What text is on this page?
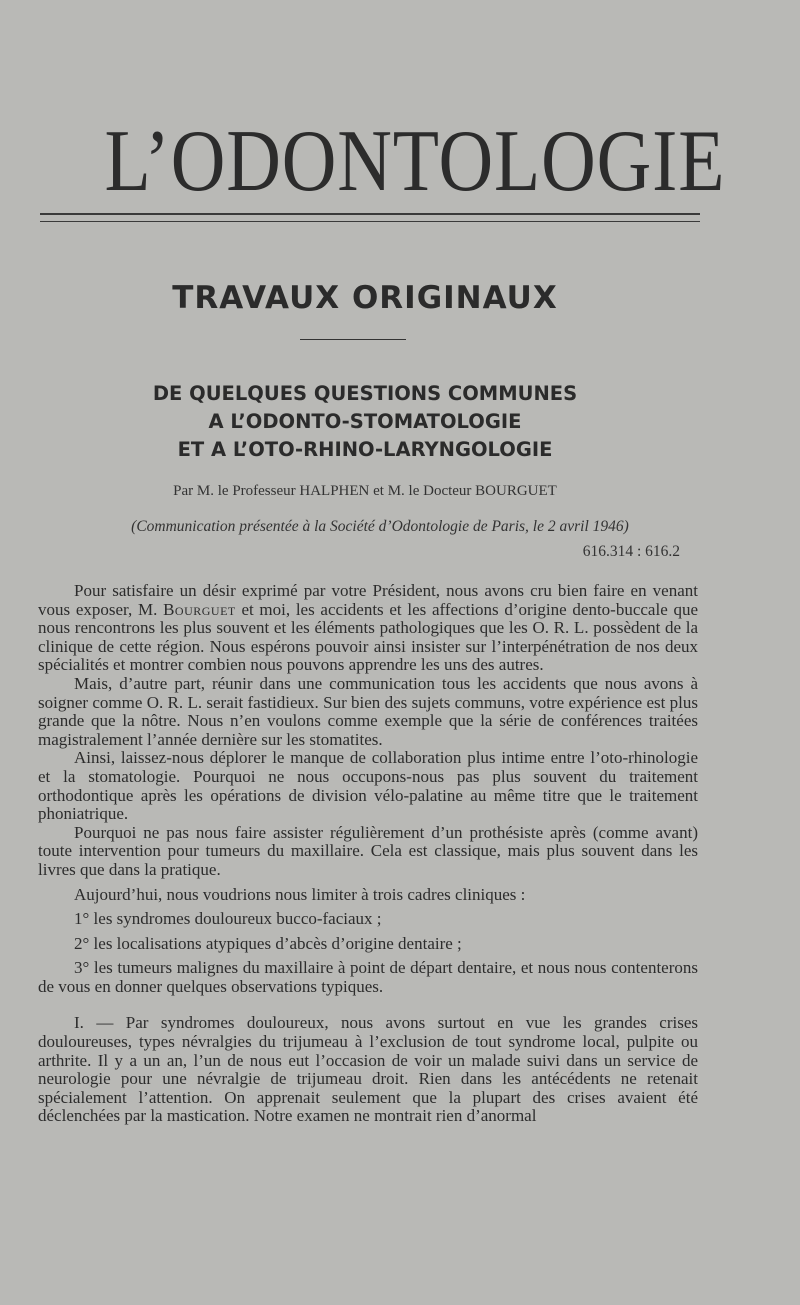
L’ODONTOLOGIE
TRAVAUX ORIGINAUX
DE QUELQUES QUESTIONS COMMUNES
A L’ODONTO-STOMATOLOGIE
ET A L’OTO-RHINO-LARYNGOLOGIE
Par M. le Professeur HALPHEN et M. le Docteur BOURGUET
(Communication présentée à la Société d’Odontologie de Paris, le 2 avril 1946)
616.314 : 616.2

Pour satisfaire un désir exprimé par votre Président, nous avons cru bien faire en venant vous exposer, M. Bourguet et moi, les accidents et les affections d’origine dento-buccale que nous rencontrons les plus souvent et les éléments pathologiques que les O. R. L. possèdent de la clinique de cette région. Nous espérons pouvoir ainsi insister sur l’interpénétration de nos deux spécialités et montrer combien nous pouvons apprendre les uns des autres.

Mais, d’autre part, réunir dans une communication tous les accidents que nous avons à soigner comme O. R. L. serait fastidieux. Sur bien des sujets communs, votre expérience est plus grande que la nôtre. Nous n’en voulons comme exemple que la série de conférences traitées magistralement l’année dernière sur les stomatites.

Ainsi, laissez-nous déplorer le manque de collaboration plus intime entre l’oto-rhinologie et la stomatologie. Pourquoi ne nous occupons-nous pas plus souvent du traitement orthodontique après les opérations de division vélo-palatine au même titre que le traitement phoniatrique.

Pourquoi ne pas nous faire assister régulièrement d’un prothésiste après (comme avant) toute intervention pour tumeurs du maxillaire. Cela est classique, mais plus souvent dans les livres que dans la pratique.

Aujourd’hui, nous voudrions nous limiter à trois cadres cliniques :

1° les syndromes douloureux bucco-faciaux ;

2° les localisations atypiques d’abcès d’origine dentaire ;

3° les tumeurs malignes du maxillaire à point de départ dentaire, et nous nous contenterons de vous en donner quelques observations typiques.

I. — Par syndromes douloureux, nous avons surtout en vue les grandes crises douloureuses, types névralgies du trijumeau à l’exclusion de tout syndrome local, pulpite ou arthrite. Il y a un an, l’un de nous eut l’occasion de voir un malade suivi dans un service de neurologie pour une névralgie de trijumeau droit. Rien dans les antécédents ne retenait spécialement l’attention. On apprenait seulement que la plupart des crises avaient été déclenchées par la mastication. Notre examen ne montrait rien d’anormal
